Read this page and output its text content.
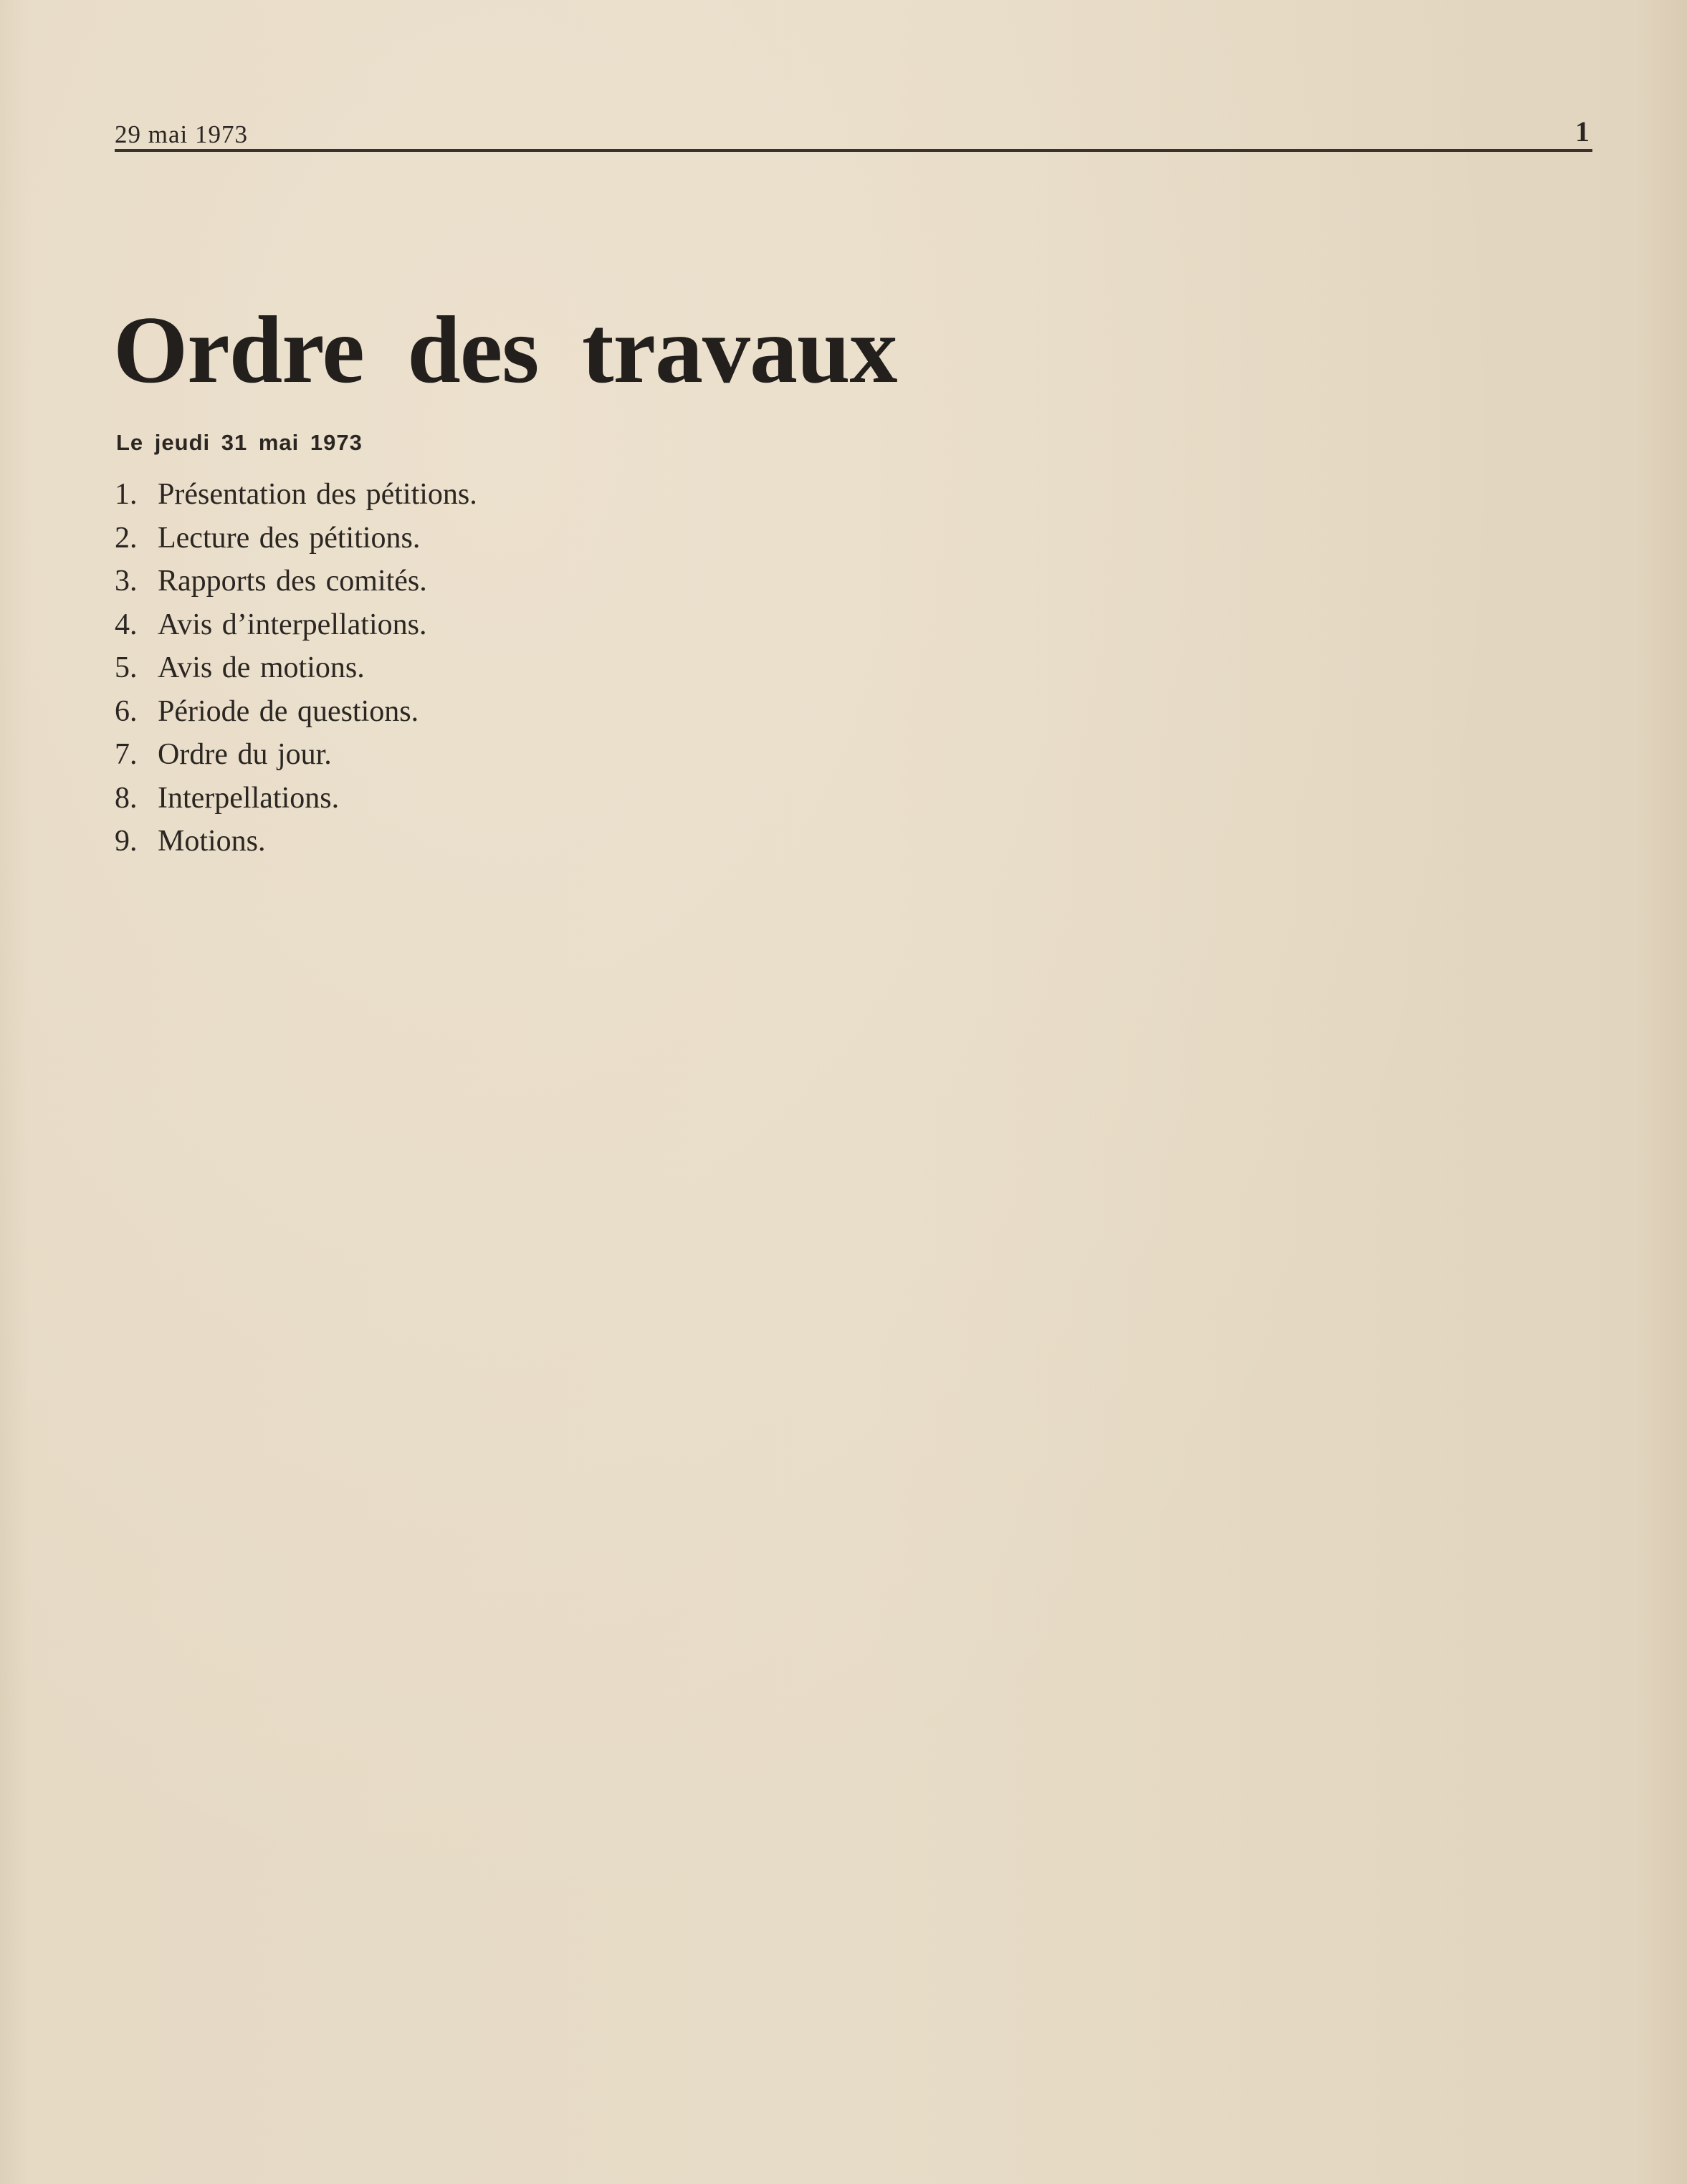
29 mai 1973	1
Ordre des travaux
Le jeudi 31 mai 1973
1. Présentation des pétitions.
2. Lecture des pétitions.
3. Rapports des comités.
4. Avis d’interpellations.
5. Avis de motions.
6. Période de questions.
7. Ordre du jour.
8. Interpellations.
9. Motions.
